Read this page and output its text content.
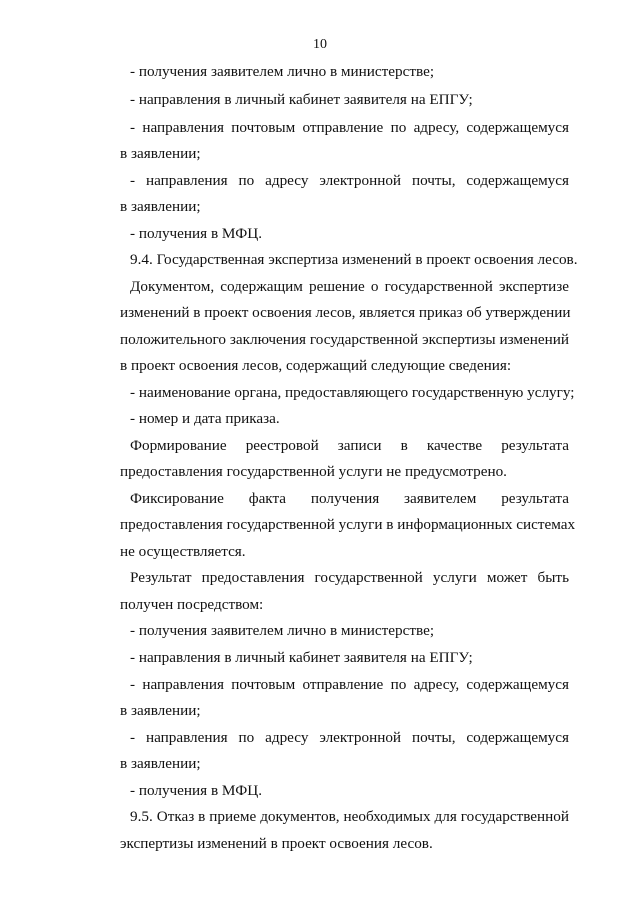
10
- получения заявителем лично в министерстве;
- направления в личный кабинет заявителя на ЕПГУ;
- направления почтовым отправление по адресу, содержащемуся
в заявлении;
- направления по адресу электронной почты, содержащемуся
в заявлении;
- получения в МФЦ.
9.4. Государственная экспертиза изменений в проект освоения лесов.
Документом, содержащим решение о государственной экспертизе
изменений в проект освоения лесов, является приказ об утверждении
положительного заключения государственной экспертизы изменений
в проект освоения лесов, содержащий следующие сведения:
- наименование органа, предоставляющего государственную услугу;
- номер и дата приказа.
Формирование реестровой записи в качестве результата
предоставления государственной услуги не предусмотрено.
Фиксирование факта получения заявителем результата
предоставления государственной услуги в информационных системах
не осуществляется.
Результат предоставления государственной услуги может быть
получен посредством:
- получения заявителем лично в министерстве;
- направления в личный кабинет заявителя на ЕПГУ;
- направления почтовым отправление по адресу, содержащемуся
в заявлении;
- направления по адресу электронной почты, содержащемуся
в заявлении;
- получения в МФЦ.
9.5. Отказ в приеме документов, необходимых для государственной
экспертизы изменений в проект освоения лесов.
